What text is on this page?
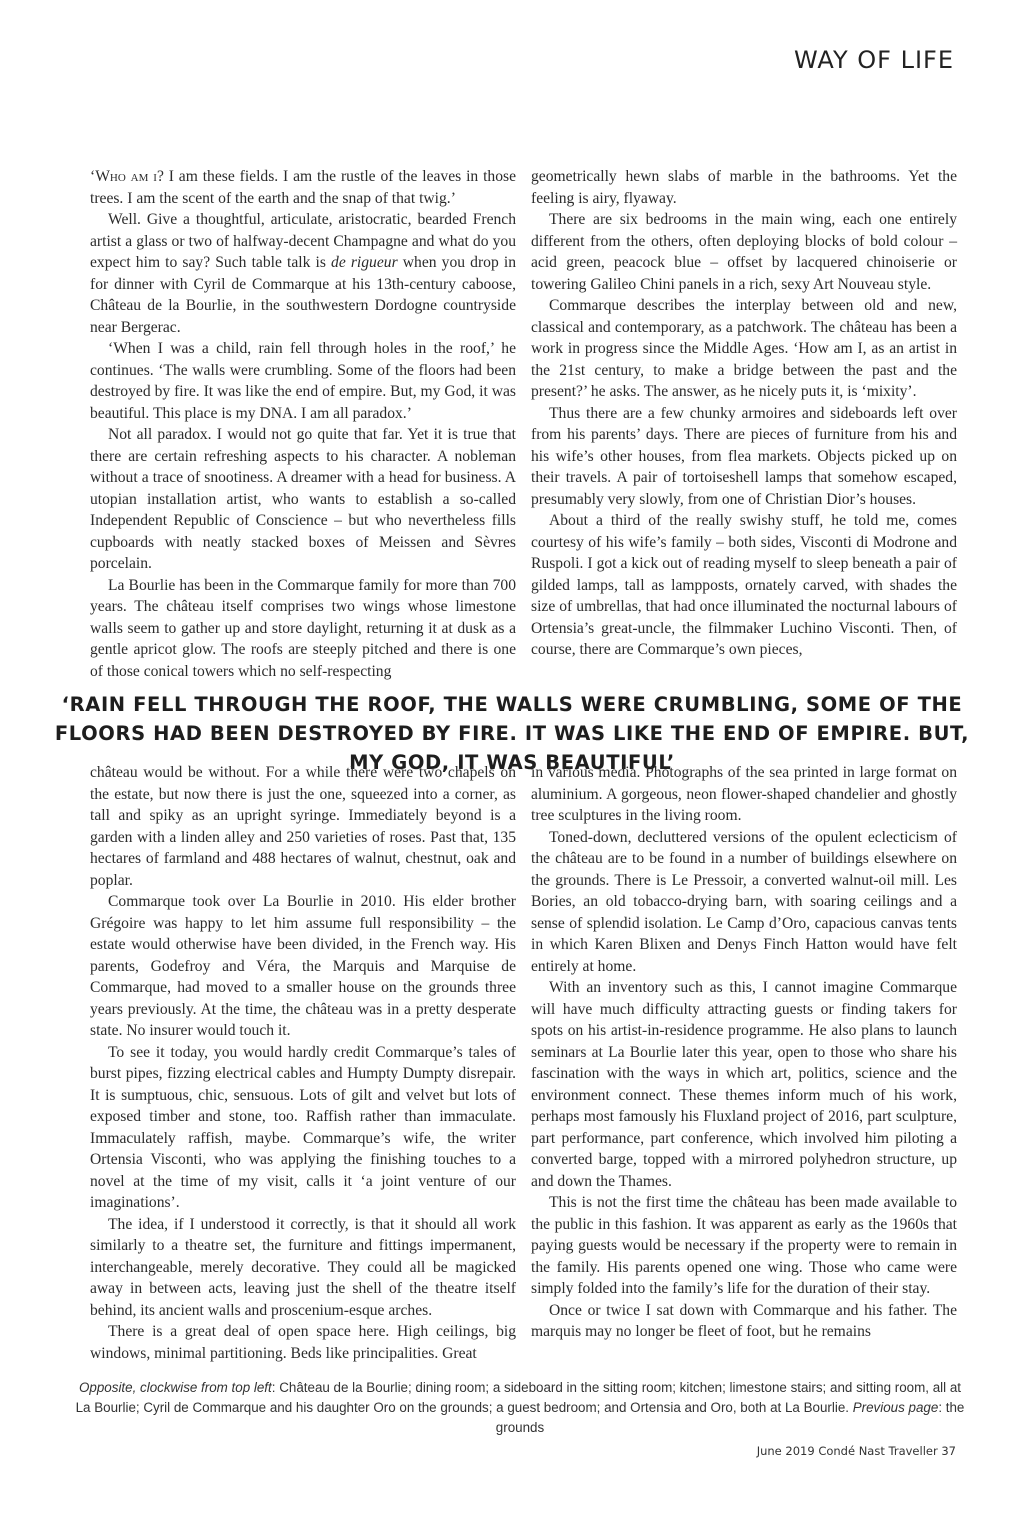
WAY OF LIFE

‘Who am i? I am these fields. I am the rustle of the leaves in those trees. I am the scent of the earth and the snap of that twig.’

Well. Give a thoughtful, articulate, aristocratic, bearded French artist a glass or two of halfway-decent Champagne and what do you expect him to say? Such table talk is de rigueur when you drop in for dinner with Cyril de Commarque at his 13th-century caboose, Château de la Bourlie, in the southwestern Dordogne countryside near Bergerac.

‘When I was a child, rain fell through holes in the roof,’ he continues. ‘The walls were crumbling. Some of the floors had been destroyed by fire. It was like the end of empire. But, my God, it was beautiful. This place is my DNA. I am all paradox.’

Not all paradox. I would not go quite that far. Yet it is true that there are certain refreshing aspects to his character. A nobleman without a trace of snootiness. A dreamer with a head for business. A utopian installation artist, who wants to establish a so-called Independent Republic of Conscience – but who nevertheless fills cupboards with neatly stacked boxes of Meissen and Sèvres porcelain.

La Bourlie has been in the Commarque family for more than 700 years. The château itself comprises two wings whose limestone walls seem to gather up and store daylight, returning it at dusk as a gentle apricot glow. The roofs are steeply pitched and there is one of those conical towers which no self-respecting

geometrically hewn slabs of marble in the bathrooms. Yet the feeling is airy, flyaway.

There are six bedrooms in the main wing, each one entirely different from the others, often deploying blocks of bold colour – acid green, peacock blue – offset by lacquered chinoiserie or towering Galileo Chini panels in a rich, sexy Art Nouveau style.

Commarque describes the interplay between old and new, classical and contemporary, as a patchwork. The château has been a work in progress since the Middle Ages. ‘How am I, as an artist in the 21st century, to make a bridge between the past and the present?’ he asks. The answer, as he nicely puts it, is ‘mixity’.

Thus there are a few chunky armoires and sideboards left over from his parents’ days. There are pieces of furniture from his and his wife’s other houses, from flea markets. Objects picked up on their travels. A pair of tortoiseshell lamps that somehow escaped, presumably very slowly, from one of Christian Dior’s houses.

About a third of the really swishy stuff, he told me, comes courtesy of his wife’s family – both sides, Visconti di Modrone and Ruspoli. I got a kick out of reading myself to sleep beneath a pair of gilded lamps, tall as lampposts, ornately carved, with shades the size of umbrellas, that had once illuminated the nocturnal labours of Ortensia’s great-uncle, the filmmaker Luchino Visconti. Then, of course, there are Commarque’s own pieces,

‘RAIN FELL THROUGH THE ROOF, THE WALLS WERE CRUMBLING, SOME OF THE FLOORS HAD BEEN DESTROYED BY FIRE. IT WAS LIKE THE END OF EMPIRE. BUT, MY GOD, IT WAS BEAUTIFUL’

château would be without. For a while there were two chapels on the estate, but now there is just the one, squeezed into a corner, as tall and spiky as an upright syringe. Immediately beyond is a garden with a linden alley and 250 varieties of roses. Past that, 135 hectares of farmland and 488 hectares of walnut, chestnut, oak and poplar.

Commarque took over La Bourlie in 2010. His elder brother Grégoire was happy to let him assume full responsibility – the estate would otherwise have been divided, in the French way. His parents, Godefroy and Véra, the Marquis and Marquise de Commarque, had moved to a smaller house on the grounds three years previously. At the time, the château was in a pretty desperate state. No insurer would touch it.

To see it today, you would hardly credit Commarque’s tales of burst pipes, fizzing electrical cables and Humpty Dumpty disrepair. It is sumptuous, chic, sensuous. Lots of gilt and velvet but lots of exposed timber and stone, too. Raffish rather than immaculate. Immaculately raffish, maybe. Commarque’s wife, the writer Ortensia Visconti, who was applying the finishing touches to a novel at the time of my visit, calls it ‘a joint venture of our imaginations’.

The idea, if I understood it correctly, is that it should all work similarly to a theatre set, the furniture and fittings impermanent, interchangeable, merely decorative. They could all be magicked away in between acts, leaving just the shell of the theatre itself behind, its ancient walls and proscenium-esque arches.

There is a great deal of open space here. High ceilings, big windows, minimal partitioning. Beds like principalities. Great

in various media. Photographs of the sea printed in large format on aluminium. A gorgeous, neon flower-shaped chandelier and ghostly tree sculptures in the living room.

Toned-down, decluttered versions of the opulent eclecticism of the château are to be found in a number of buildings elsewhere on the grounds. There is Le Pressoir, a converted walnut-oil mill. Les Bories, an old tobacco-drying barn, with soaring ceilings and a sense of splendid isolation. Le Camp d’Oro, capacious canvas tents in which Karen Blixen and Denys Finch Hatton would have felt entirely at home.

With an inventory such as this, I cannot imagine Commarque will have much difficulty attracting guests or finding takers for spots on his artist-in-residence programme. He also plans to launch seminars at La Bourlie later this year, open to those who share his fascination with the ways in which art, politics, science and the environment connect. These themes inform much of his work, perhaps most famously his Fluxland project of 2016, part sculpture, part performance, part conference, which involved him piloting a converted barge, topped with a mirrored polyhedron structure, up and down the Thames.

This is not the first time the château has been made available to the public in this fashion. It was apparent as early as the 1960s that paying guests would be necessary if the property were to remain in the family. His parents opened one wing. Those who came were simply folded into the family’s life for the duration of their stay.

Once or twice I sat down with Commarque and his father. The marquis may no longer be fleet of foot, but he remains

Opposite, clockwise from top left: Château de la Bourlie; dining room; a sideboard in the sitting room; kitchen; limestone stairs; and sitting room, all at La Bourlie; Cyril de Commarque and his daughter Oro on the grounds; a guest bedroom; and Ortensia and Oro, both at La Bourlie. Previous page: the grounds
June 2019 Condé Nast Traveller 37
